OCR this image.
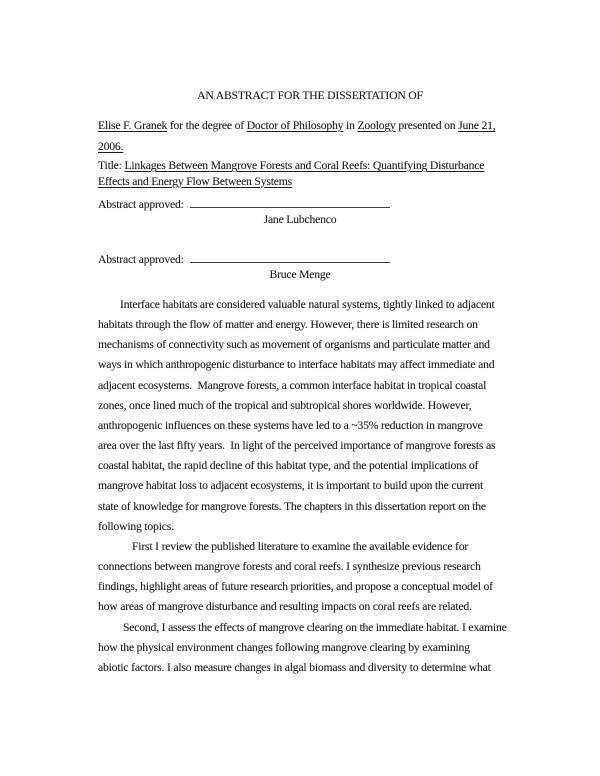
AN ABSTRACT FOR THE DISSERTATION OF
Elise F. Granek for the degree of Doctor of Philosophy in Zoology presented on June 21,
2006.
Title: Linkages Between Mangrove Forests and Coral Reefs: Quantifying Disturbance
Effects and Energy Flow Between Systems
Abstract approved:
Jane Lubchenco
Abstract approved:
Bruce Menge
Interface habitats are considered valuable natural systems, tightly linked to adjacent
habitats through the flow of matter and energy. However, there is limited research on
mechanisms of connectivity such as movement of organisms and particulate matter and
ways in which anthropogenic disturbance to interface habitats may affect immediate and
adjacent ecosystems.  Mangrove forests, a common interface habitat in tropical coastal
zones, once lined much of the tropical and subtropical shores worldwide. However,
anthropogenic influences on these systems have led to a ~35% reduction in mangrove
area over the last fifty years.  In light of the perceived importance of mangrove forests as
coastal habitat, the rapid decline of this habitat type, and the potential implications of
mangrove habitat loss to adjacent ecosystems, it is important to build upon the current
state of knowledge for mangrove forests. The chapters in this dissertation report on the
following topics.
First I review the published literature to examine the available evidence for
connections between mangrove forests and coral reefs. I synthesize previous research
findings, highlight areas of future research priorities, and propose a conceptual model of
how areas of mangrove disturbance and resulting impacts on coral reefs are related.
Second, I assess the effects of mangrove clearing on the immediate habitat. I examine
how the physical environment changes following mangrove clearing by examining
abiotic factors. I also measure changes in algal biomass and diversity to determine what
